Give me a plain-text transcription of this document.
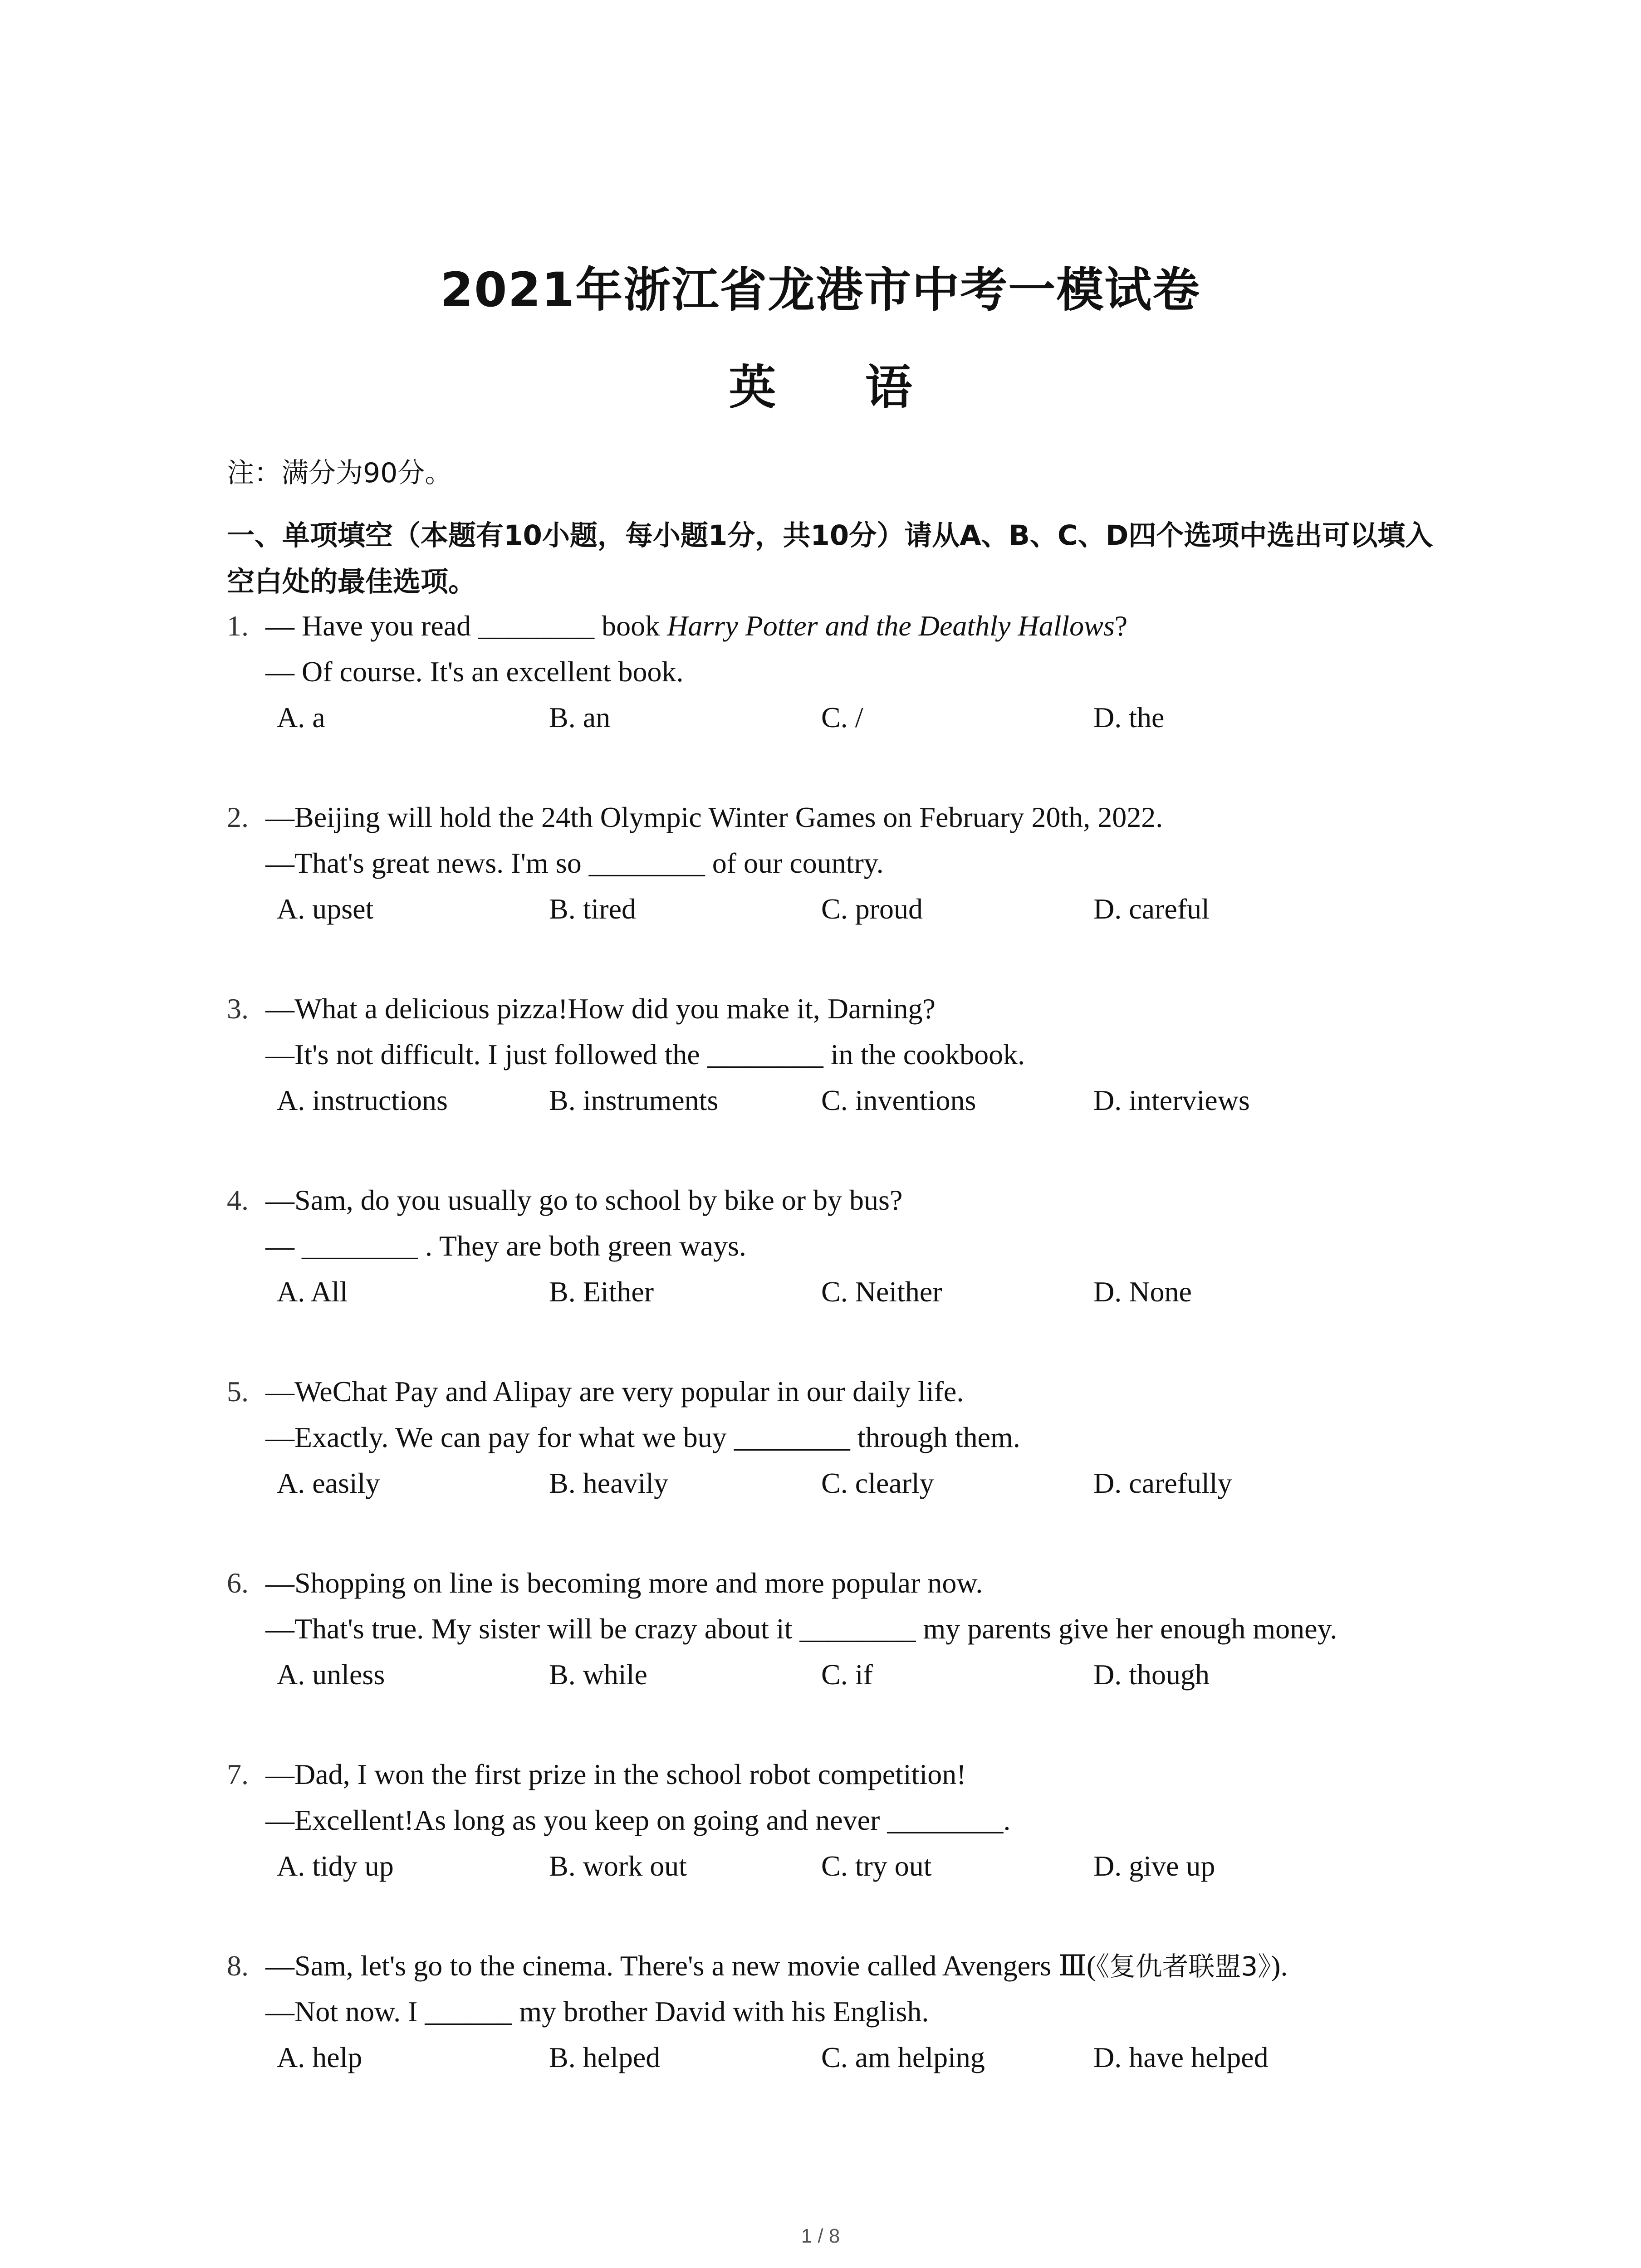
2021年浙江省龙港市中考一模试卷
英 语
注：满分为90分。
一、单项填空（本题有10小题，每小题1分，共10分）请从A、B、C、D四个选项中选出可以填入空白处的最佳选项。
1. — Have you read ________ book Harry Potter and the Deathly Hallows?
— Of course. It's an excellent book.
A. a	B. an	C. /	D. the
2. —Beijing will hold the 24th Olympic Winter Games on February 20th, 2022.
—That's great news. I'm so ________ of our country.
A. upset	B. tired	C. proud	D. careful
3. —What a delicious pizza!How did you make it, Darning?
—It's not difficult. I just followed the ________ in the cookbook.
A. instructions	B. instruments	C. inventions	D. interviews
4. —Sam, do you usually go to school by bike or by bus?
— ________ . They are both green ways.
A. All	B. Either	C. Neither	D. None
5. —WeChat Pay and Alipay are very popular in our daily life.
—Exactly. We can pay for what we buy ________ through them.
A. easily	B. heavily	C. clearly	D. carefully
6. —Shopping on line is becoming more and more popular now.
—That's true. My sister will be crazy about it ________ my parents give her enough money.
A. unless	B. while	C. if	D. though
7. —Dad, I won the first prize in the school robot competition!
—Excellent!As long as you keep on going and never ________.
A. tidy up	B. work out	C. try out	D. give up
8. —Sam, let's go to the cinema. There's a new movie called Avengers Ⅲ(《复仇者联盟3》).
—Not now. I ______ my brother David with his English.
A. help	B. helped	C. am helping	D. have helped
1 / 8
